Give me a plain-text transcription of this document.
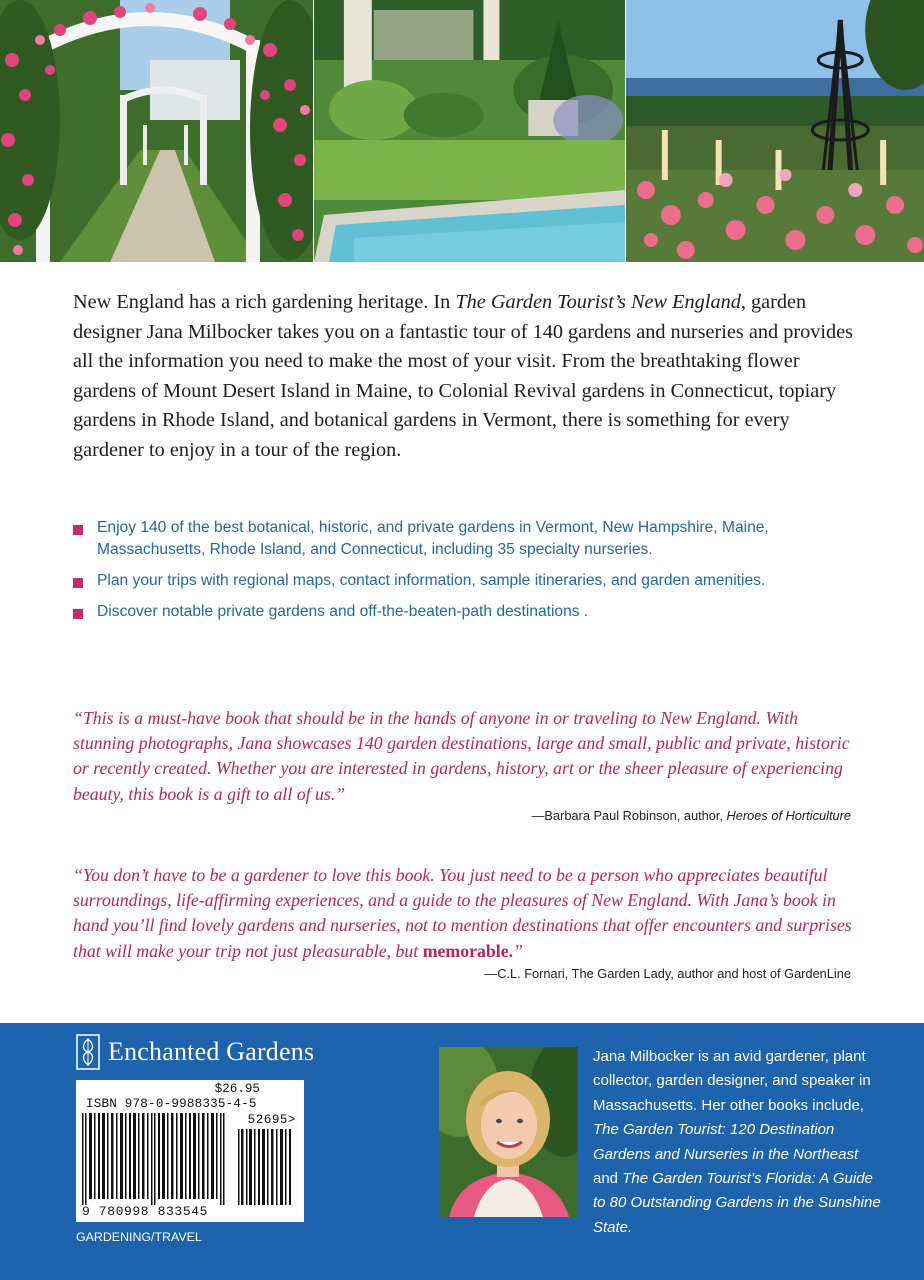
New England has a rich gardening heritage. In The Garden Tourist’s New England, garden designer Jana Milbocker takes you on a fantastic tour of 140 gardens and nurseries and provides all the information you need to make the most of your visit. From the breathtaking flower gardens of Mount Desert Island in Maine, to Colonial Revival gardens in Connecticut, topiary gardens in Rhode Island, and botanical gardens in Vermont, there is something for every gardener to enjoy in a tour of the region.

Enjoy 140 of the best botanical, historic, and private gardens in Vermont, New Hampshire, Maine, Massachusetts, Rhode Island, and Connecticut, including 35 specialty nurseries.
Plan your trips with regional maps, contact information, sample itineraries, and garden amenities.
Discover notable private gardens and off-the-beaten-path destinations .

“This is a must-have book that should be in the hands of anyone in or traveling to New England. With stunning photographs, Jana showcases 140 garden destinations, large and small, public and private, historic or recently created. Whether you are interested in gardens, history, art or the sheer pleasure of experiencing beauty, this book is a gift to all of us.”

—Barbara Paul Robinson, author, Heroes of Horticulture

“You don’t have to be a gardener to love this book. You just need to be a person who appreciates beautiful surroundings, life-affirming experiences, and a guide to the pleasures of New England. With Jana’s book in hand you’ll find lovely gardens and nurseries, not to mention destinations that offer encounters and surprises that will make your trip not just pleasurable, but memorable.”

—C.L. Fornari, The Garden Lady, author and host of GardenLine

Enchanted Gardens
$26.95
ISBN 978-0-9988335-4-5
52695>
9 780998 833545
GARDENING/TRAVEL

Jana Milbocker is an avid gardener, plant collector, garden designer, and speaker in Massachusetts. Her other books include, The Garden Tourist: 120 Destination Gardens and Nurseries in the Northeast and The Garden Tourist’s Florida: A Guide to 80 Outstanding Gardens in the Sunshine State.
